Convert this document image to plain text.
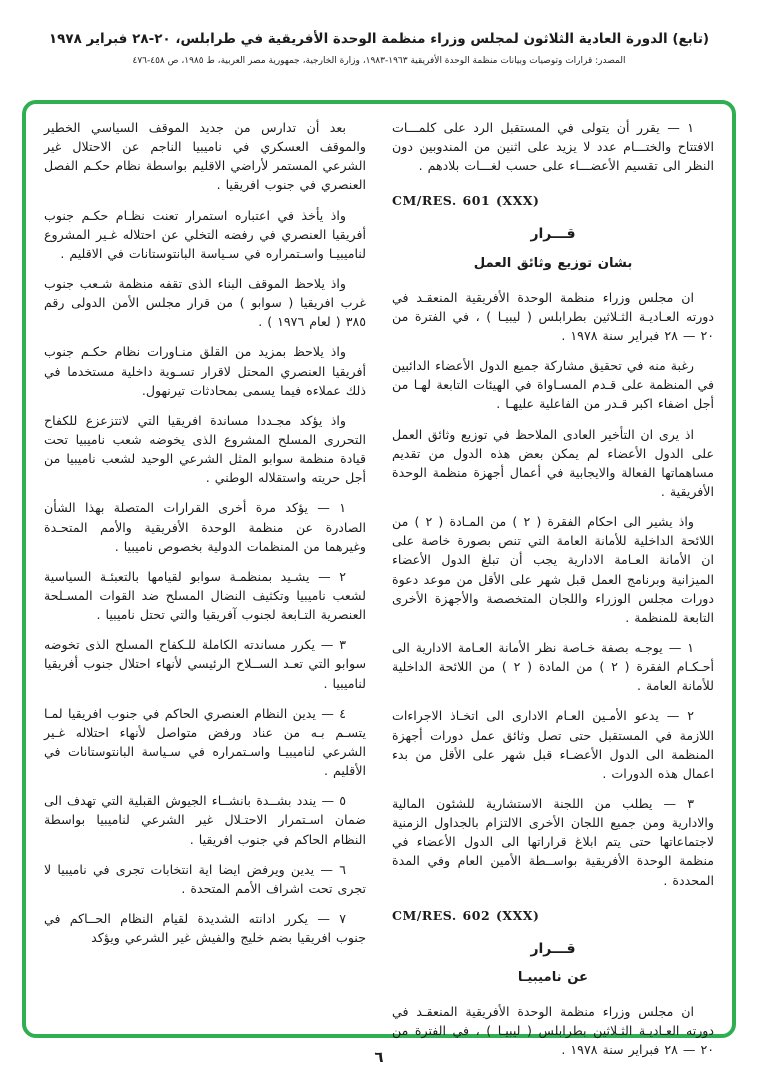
(تابع) الدورة العادية الثلاثون لمجلس وزراء منظمة الوحدة الأفريقية في طرابلس، ٢٠-٢٨ فبراير ١٩٧٨
المصدر: قرارات وتوصيات وبيانات منظمة الوحدة الأفريقية ١٩٦٣-١٩٨٣، وزارة الخارجية، جمهورية مصر العربية، ط ١٩٨٥، ص ٤٥٨-٤٧٦

١ — يقرر أن يتولى في المستقبل الرد على كلمـــات الافتتاح والختـــام عدد لا يزيد على اثنين من المندوبين دون النظر الى تقسيم الأعضـــاء على حسب لغـــات بلادهم .

CM/RES. 601 (XXX)

قـــرار

بشان توزيع وثائق العمل

ان مجلس وزراء منظمة الوحدة الأفريقية المنعقـد في دورته العـاديـة الثـلاثين بطرابلس ( ليبيـا ) ، في الفترة من ٢٠ — ٢٨ فبراير سنة ١٩٧٨ .

رغبة منه في تحقيق مشاركة جميع الدول الأعضاء الدائبين في المنظمة على قـدم المسـاواة في الهيئات التابعة لهـا من أجل اضفاء اكبر قـدر من الفاعلية عليهـا .

اذ يرى ان التأخير العادى الملاحظ في توزيع وثائق العمل على الدول الأعضاء لم يمكن بعض هذه الدول من تقديم مساهماتها الفعالة والايجابية في أعمال أجهزة منظمة الوحدة الأفريقية .

واذ يشير الى احكام الفقرة ( ٢ ) من المـادة ( ٢ ) من اللائحة الداخلية للأمانة العامة التي تنص بصورة خاصة على ان الأمانة العـامة الادارية يجب أن تبلغ الدول الأعضاء الميزانية وبرنامج العمل قبل شهر على الأقل من موعد دعوة دورات مجلس الوزراء واللجان المتخصصة والأجهزة الأخرى التابعة للمنظمة .

١ — يوجـه بصفة خـاصة نظر الأمانة العـامة الادارية الى أحـكـام الفقرة ( ٢ ) من المادة ( ٢ ) من اللائحة الداخلية للأمانة العامة .

٢ — يدعو الأمـين العـام الادارى الى اتخـاذ الاجراءات اللازمة في المستقبل حتى تصل وثائق عمل دورات أجهزة المنظمة الى الدول الأعضـاء قبل شهر على الأقل من بدء اعمال هذه الدورات .

٣ — يطلب من اللجنة الاستشارية للشئون المالية والادارية ومن جميع اللجان الأخرى الالتزام بالجداول الزمنية لاجتماعاتها حتى يتم ابلاغ قراراتها الى الدول الأعضاء في منظمة الوحدة الأفريقية بواســطة الأمين العام وفي المدة المحددة .

CM/RES. 602 (XXX)

قـــرار

عن ناميبيـا

ان مجلس وزراء منظمة الوحدة الأفريقية المنعقـد في دورته العـاديـة الثـلاثين بطرابلس ( ليبيـا ) ، في الفترة من ٢٠ — ٢٨ فبراير سنة ١٩٧٨ .

بعد أن تدارس من جديد الموقف السياسي الخطير والموقف العسكري في ناميبيا الناجم عن الاحتلال غير الشرعي المستمر لأراضي الاقليم بواسطة نظام حكـم الفصل العنصري في جنوب افريقيا .

واذ يأخذ في اعتباره استمرار تعنت نظـام حكـم جنوب أفريقيا العنصري في رفضه التخلي عن احتلاله غـير المشروع لناميبيـا واسـتمراره في سـياسة البانتوستانات في الاقليم .

واذ يلاحظ الموقف البناء الذى تقفه منظمة شـعب جنوب غرب افريقيا ( سوابو ) من قرار مجلس الأمن الدولى رقم ٣٨٥ ( لعام ١٩٧٦ ) .

واذ يلاحظ بمزيد من القلق منـاورات نظام حكـم جنوب أفريقيا العنصري المحتل لاقرار تسـوية داخلية مستخدما في ذلك عملاءه فيما يسمى بمحادثات تيرنهول.

واذ يؤكد مجـددا مساندة افريقيا التي لاتتزعزع للكفاح التحررى المسلح المشروع الذى يخوضه شعب ناميبيا تحت قيادة منظمة سوابو المثل الشرعي الوحيد لشعب ناميبيا من أجل حريته واستقلاله الوطني .

١ — يؤكد مرة أخرى القرارات المتصلة بهذا الشأن الصادرة عن منظمة الوحدة الأفريقية والأمم المتحـدة وغيرهما من المنظمات الدولية بخصوص ناميبيا .

٢ — يشـيد بمنظمـة سوابو لقيامها بالتعبئـة السياسية لشعب ناميبيا وتكثيف النضال المسلح ضد القوات المسـلحة العنصرية التـابعة لجنوب آفريقيا والتي تحتل ناميبيا .

٣ — يكرر مساندته الكاملة للـكفاح المسلح الذى تخوضه سوابو التي تعـد الســلاح الرئيسي لأنهاء احتلال جنوب أفريقيا لناميبيا .

٤ — يدين النظام العنصري الحاكم في جنوب افريقيا لمـا يتسـم بـه من عناد ورفض متواصل لأنهاء احتلاله غـير الشرعي لناميبيـا واسـتمراره في سـياسة البانتوستانات في الأقليم .

٥ — يندد بشــدة بانشــاء الجيوش القبلية التي تهدف الى ضمان اسـتمرار الاحتـلال غير الشرعي لناميبيا بواسطة النظام الحاكم في جنوب افريقيا .

٦ — يدين ويرفض ايضا اية انتخابات تجرى في ناميبيا لا تجرى تحت اشراف الأمم المتحدة .

٧ — يكرر ادانته الشديدة لقيام النظام الحــاكم في جنوب افريقيا بضم خليج والفيش غير الشرعي ويؤكد

٦
